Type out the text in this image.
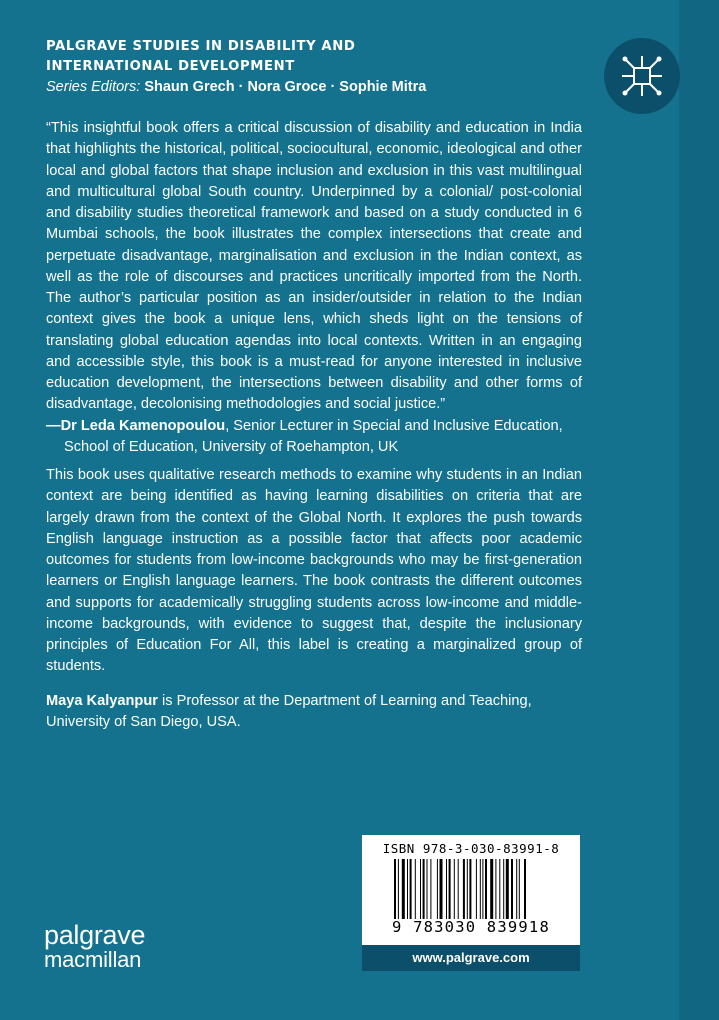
PALGRAVE STUDIES IN DISABILITY AND

INTERNATIONAL DEVELOPMENT

Series Editors: Shaun Grech · Nora Groce · Sophie Mitra

“This insightful book offers a critical discussion of disability and education in India that highlights the historical, political, sociocultural, economic, ideological and other local and global factors that shape inclusion and exclusion in this vast multilingual and multicultural global South country. Underpinned by a colonial/ post-colonial and disability studies theoretical framework and based on a study conducted in 6 Mumbai schools, the book illustrates the complex intersections that create and perpetuate disadvantage, marginalisation and exclusion in the Indian context, as well as the role of discourses and practices uncritically imported from the North. The author’s particular position as an insider/outsider in relation to the Indian context gives the book a unique lens, which sheds light on the tensions of translating global education agendas into local contexts. Written in an engaging and accessible style, this book is a must-read for anyone interested in inclusive education development, the intersections between disability and other forms of disadvantage, decolonising methodologies and social justice.”

—Dr Leda Kamenopoulou, Senior Lecturer in Special and Inclusive Education,
School of Education, University of Roehampton, UK

This book uses qualitative research methods to examine why students in an Indian context are being identified as having learning disabilities on criteria that are largely drawn from the context of the Global North. It explores the push towards English language instruction as a possible factor that affects poor academic outcomes for students from low-income backgrounds who may be first-generation learners or English language learners. The book contrasts the different outcomes and supports for academically struggling students across low-income and middle-income backgrounds, with evidence to suggest that, despite the inclusionary principles of Education For All, this label is creating a marginalized group of students.

Maya Kalyanpur is Professor at the Department of Learning and Teaching, University of San Diego, USA.

ISBN 978-3-030-83991-8
9 783030 839918
www.palgrave.com
palgrave
macmillan
